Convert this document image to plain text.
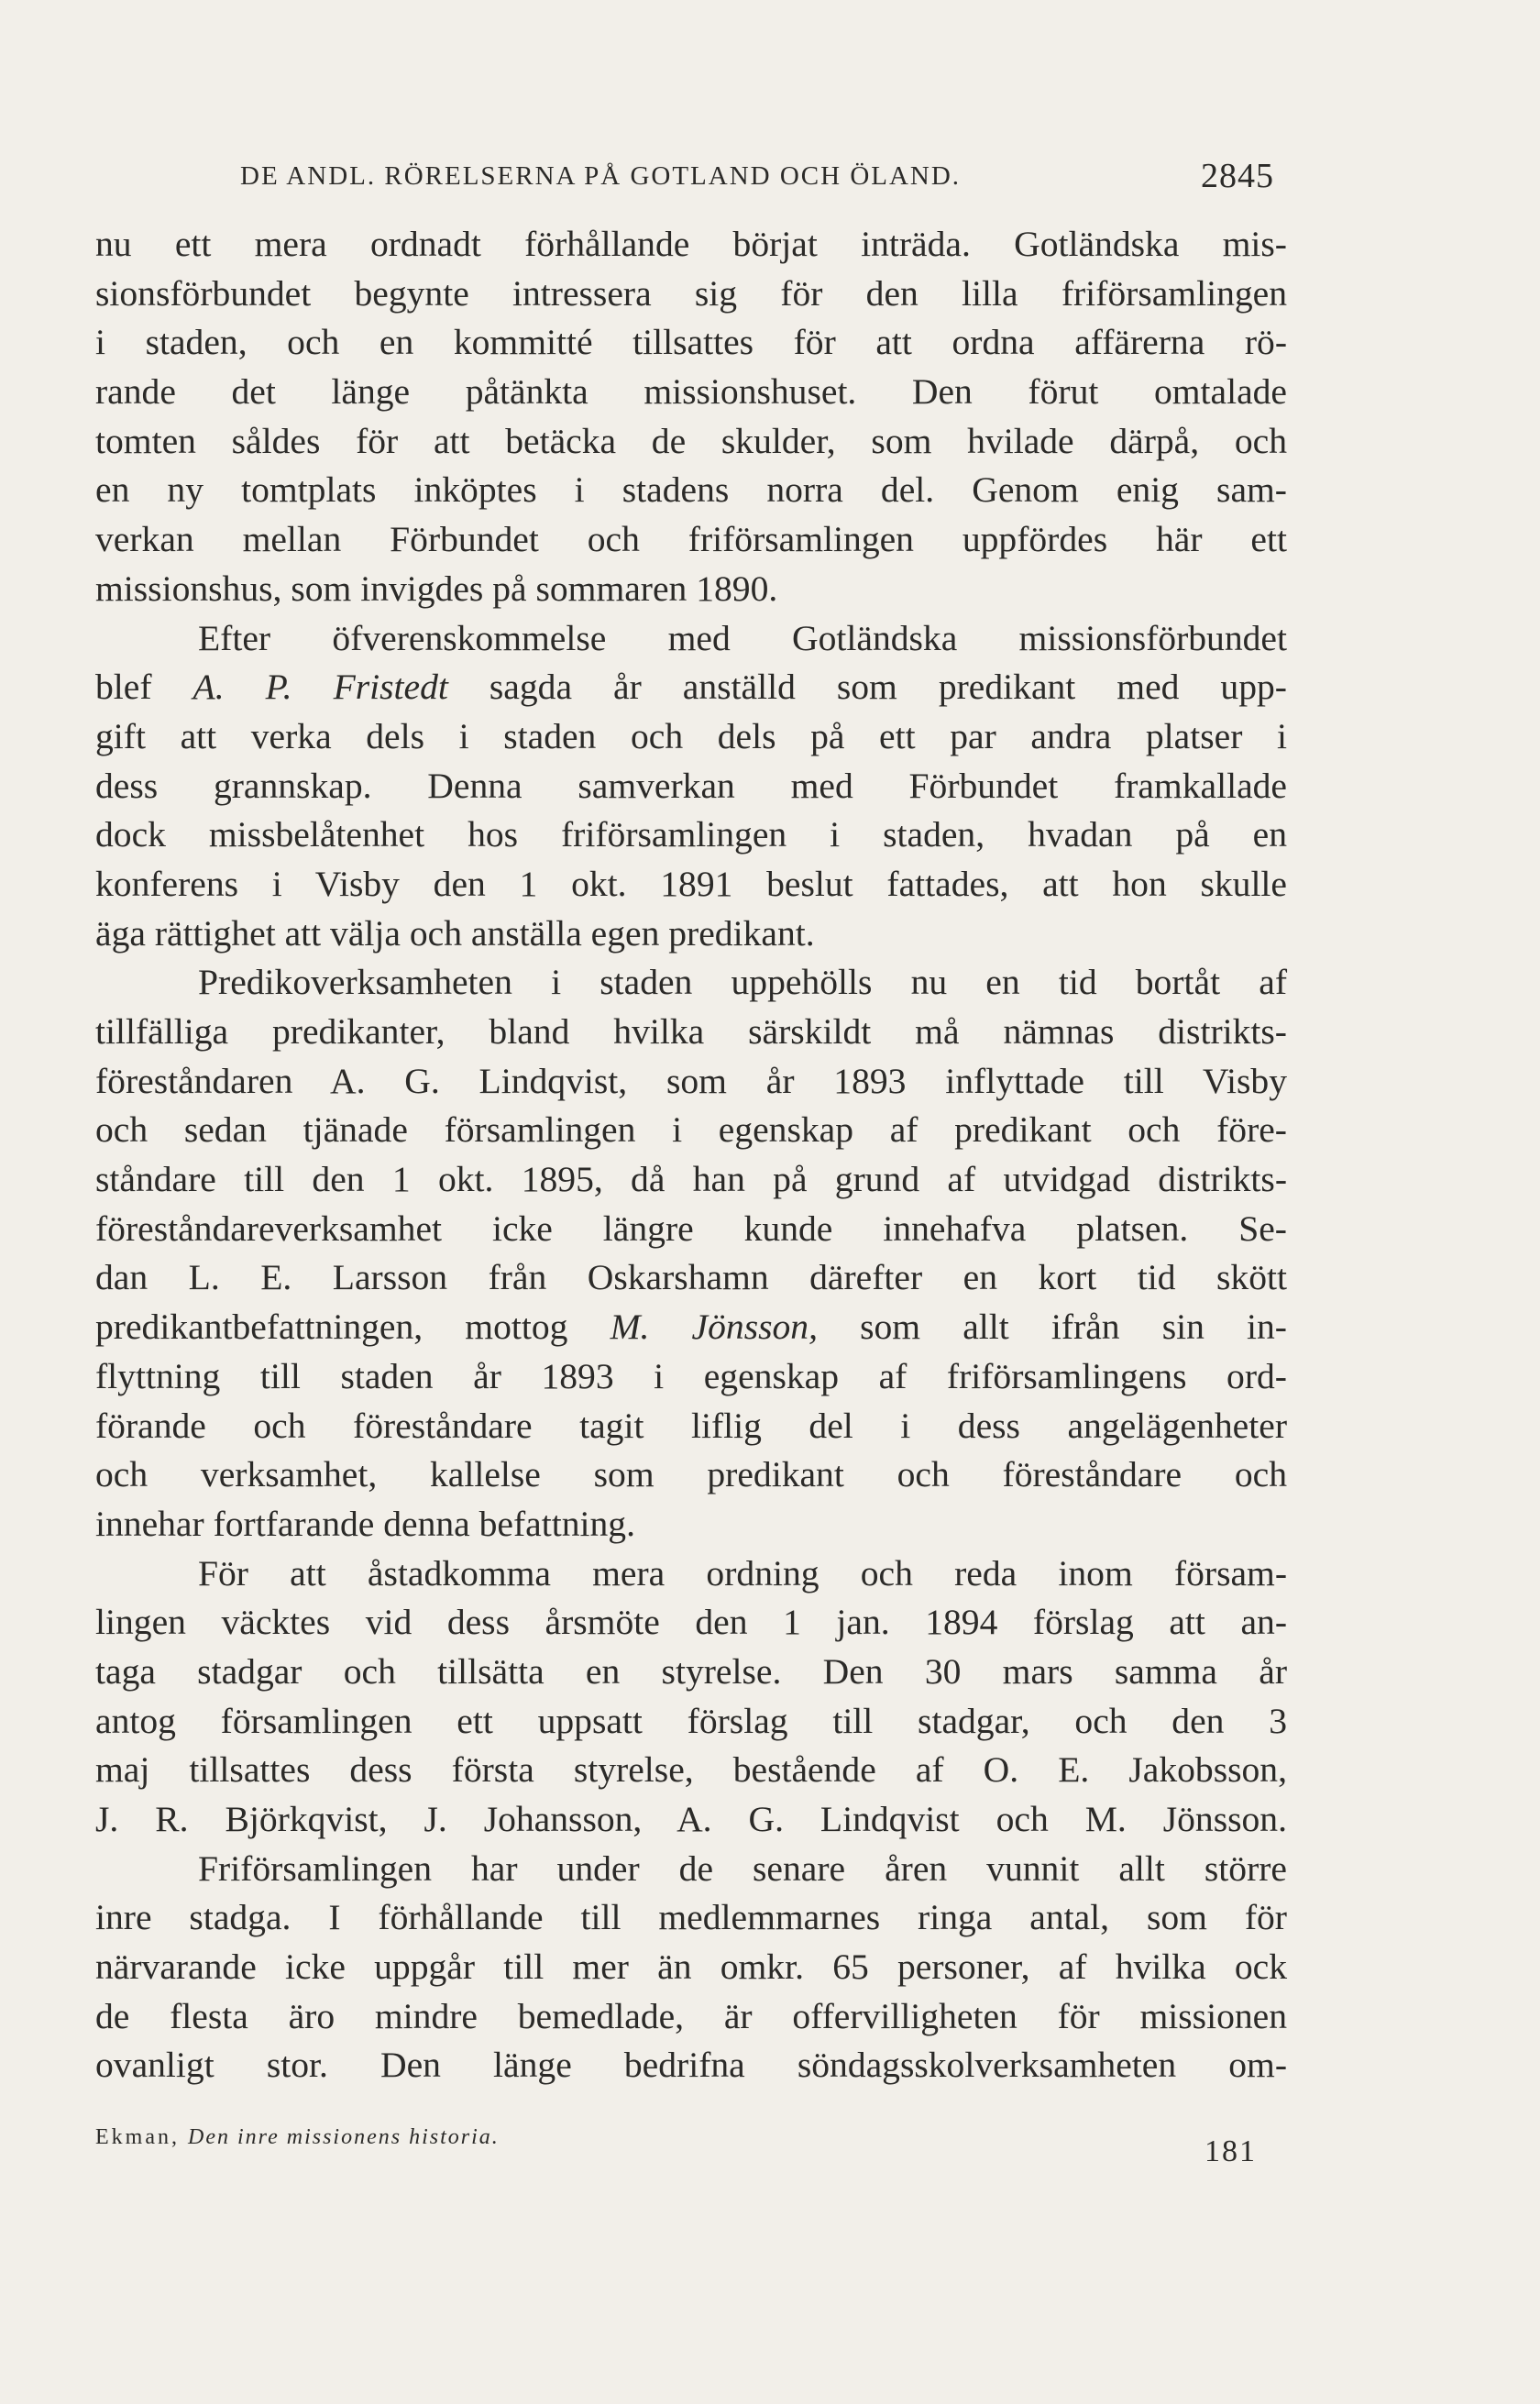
DE ANDL. RÖRELSERNA PÅ GOTLAND OCH ÖLAND.	2845
nu ett mera ordnadt förhållande börjat inträda. Gotländska mis-
sionsförbundet begynte intressera sig för den lilla friförsamlingen
i staden, och en kommitté tillsattes för att ordna affärerna rö-
rande det länge påtänkta missionshuset. Den förut omtalade
tomten såldes för att betäcka de skulder, som hvilade därpå, och
en ny tomtplats inköptes i stadens norra del. Genom enig sam-
verkan mellan Förbundet och friförsamlingen uppfördes här ett
missionshus, som invigdes på sommaren 1890.
Efter öfverenskommelse med Gotländska missionsförbundet
blef A. P. Fristedt sagda år anställd som predikant med upp-
gift att verka dels i staden och dels på ett par andra platser i
dess grannskap. Denna samverkan med Förbundet framkallade
dock missbelåtenhet hos friförsamlingen i staden, hvadan på en
konferens i Visby den 1 okt. 1891 beslut fattades, att hon skulle
äga rättighet att välja och anställa egen predikant.
Predikoverksamheten i staden uppehölls nu en tid bortåt af
tillfälliga predikanter, bland hvilka särskildt må nämnas distrikts-
föreståndaren A. G. Lindqvist, som år 1893 inflyttade till Visby
och sedan tjänade församlingen i egenskap af predikant och före-
ståndare till den 1 okt. 1895, då han på grund af utvidgad distrikts-
föreståndareverksamhet icke längre kunde innehafva platsen. Se-
dan L. E. Larsson från Oskarshamn därefter en kort tid skött
predikantbefattningen, mottog M. Jönsson, som allt ifrån sin in-
flyttning till staden år 1893 i egenskap af friförsamlingens ord-
förande och föreståndare tagit liflig del i dess angelägenheter
och verksamhet, kallelse som predikant och föreståndare och
innehar fortfarande denna befattning.
För att åstadkomma mera ordning och reda inom försam-
lingen väcktes vid dess årsmöte den 1 jan. 1894 förslag att an-
taga stadgar och tillsätta en styrelse. Den 30 mars samma år
antog församlingen ett uppsatt förslag till stadgar, och den 3
maj tillsattes dess första styrelse, bestående af O. E. Jakobsson,
J. R. Björkqvist, J. Johansson, A. G. Lindqvist och M. Jönsson.
Friförsamlingen har under de senare åren vunnit allt större
inre stadga. I förhållande till medlemmarnes ringa antal, som för
närvarande icke uppgår till mer än omkr. 65 personer, af hvilka ock
de flesta äro mindre bemedlade, är offervilligheten för missionen
ovanligt stor. Den länge bedrifna söndagsskolverksamheten om-
Ekman, Den inre missionens historia.	181
